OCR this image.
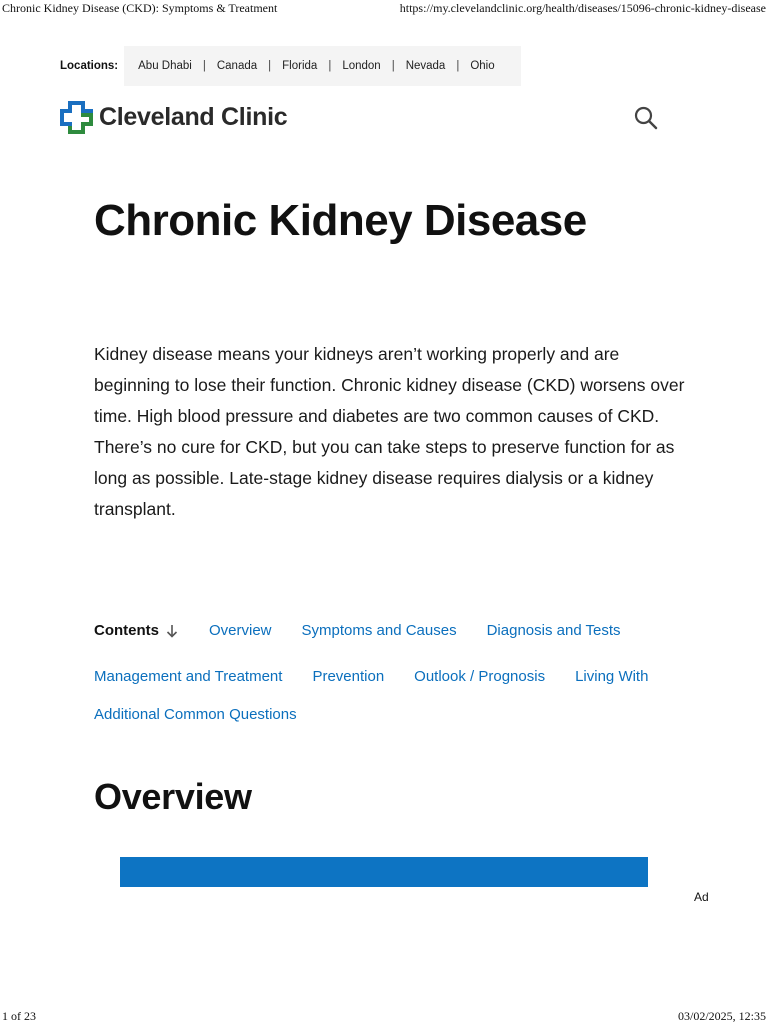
Chronic Kidney Disease (CKD): Symptoms & Treatment	https://my.clevelandclinic.org/health/diseases/15096-chronic-kidney-disease
Locations: Abu Dhabi | Canada | Florida | London | Nevada | Ohio
Cleveland Clinic
Chronic Kidney Disease

Kidney disease means your kidneys aren’t working properly and are beginning to lose their function. Chronic kidney disease (CKD) worsens over time. High blood pressure and diabetes are two common causes of CKD. There’s no cure for CKD, but you can take steps to preserve function for as long as possible. Late-stage kidney disease requires dialysis or a kidney transplant.

Contents	Overview Symptoms and Causes Diagnosis and Tests
Management and Treatment Prevention Outlook / Prognosis Living With
Additional Common Questions
Overview
Ad
1 of 23	03/02/2025, 12:35
